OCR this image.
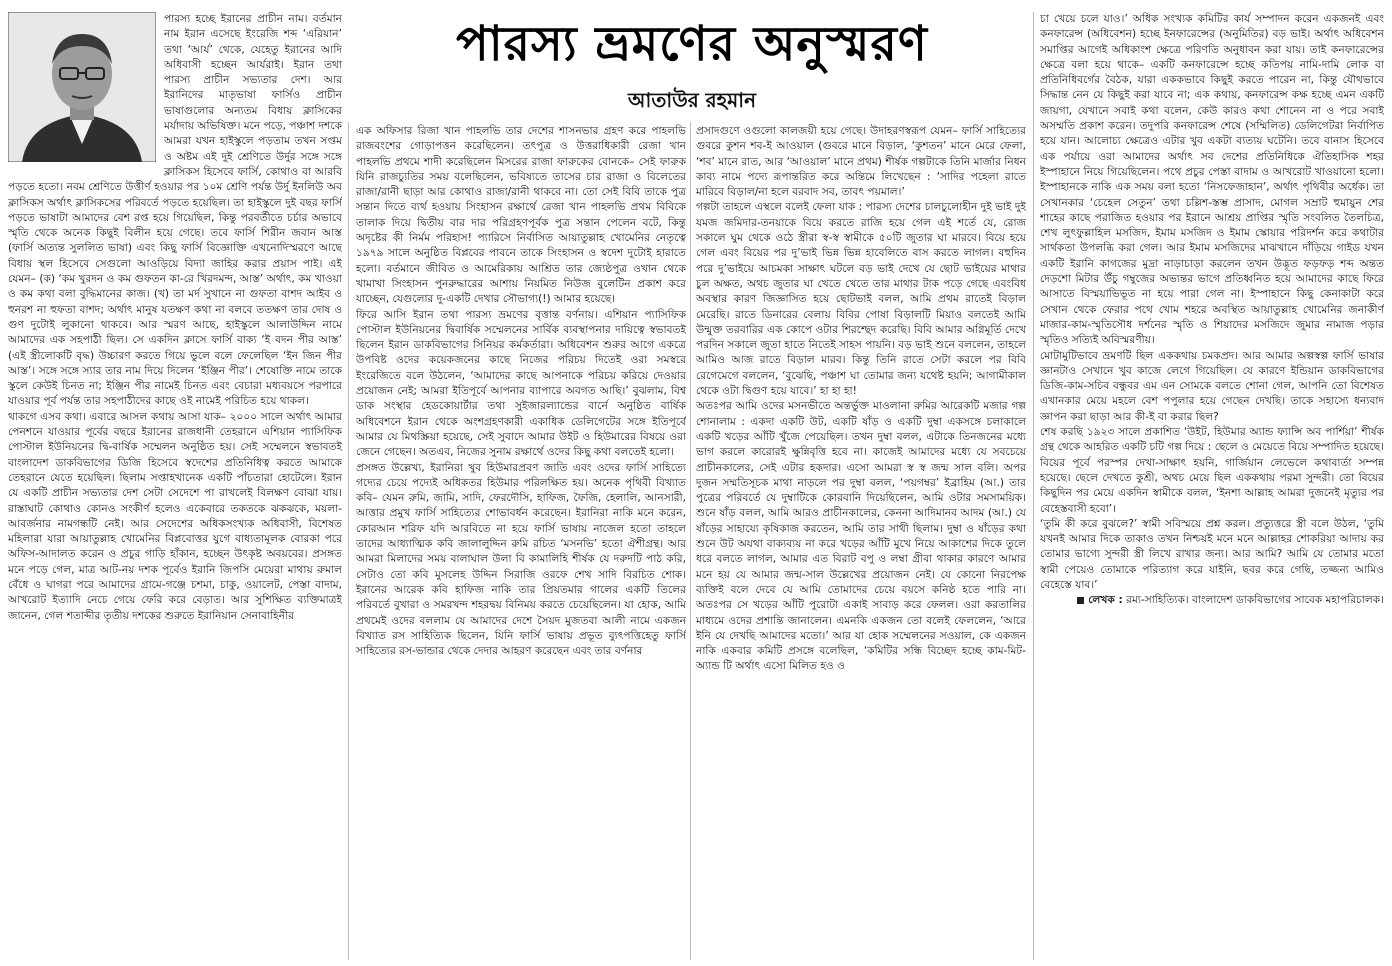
পারস্য ভ্রমণের অনুস্মরণ
আতাউর রহমান

পারস্য হচ্ছে ইরানের প্রাচীন নাম। বর্তমান নাম ইরান এসেছে ইংরেজি শব্দ ‘এরিয়ান’ তথা ‘আর্য’ থেকে, যেহেতু ইরানের আদি অধিবাসী হচ্ছেন আর্যরাই। ইরান তথা পারস্য প্রাচীন সভ্যতার দেশ। আর ইরানিদের মাতৃভাষা ফার্সিও প্রাচীন ভাষাগুলোর অন্যতম বিধায় ক্লাসিকের মর্যাদায় অভিষিক্ত। মনে পড়ে, পঞ্চাশ দশকে আমরা যখন হাইস্কুলে পড়তাম তখন সপ্তম ও অষ্টম এই দুই শ্রেণিতে উর্দুর সঙ্গে সঙ্গে ক্লাসিকস হিসেবে ফার্সি, কোথাও বা আরবি পড়তে হতো। নবম শ্রেণিতে উত্তীর্ণ হওয়ার পর ১০ম শ্রেণি পর্যন্ত উর্দু ইনলিউ অব ক্লাসিকস অর্থাৎ ক্লাসিকসের পরিবর্তে পড়তে হয়েছিল। তা হাইস্কুলে দুই বছর ফার্সি পড়তে ভাষাটা আমাদের বেশ রপ্ত হয়ে গিয়েছিল, কিন্তু পরবর্তীতে চর্চার অভাবে স্মৃতি থেকে অনেক কিছুই বিলীন হয়ে গেছে। তবে ফার্সি শিরীন জবান আস্ত (ফার্সি অত্যন্ত সুললিত ভাষা) এবং কিছু ফার্সি বিজ্ঞোক্তি এখনোদিস্মরণে আছে বিধায় স্থল হিসেবে সেগুলো আওড়িয়ে বিদ্যা জাহির করার প্রয়াস পাই। এই যেমন– (ক) ‘কম খুরদন ও কম গুফতন কা-রে খিরদমন্দ, আস্ত’ অর্থাৎ, কম খাওয়া ও কম কথা বলা বুদ্ধিমানের কাজ। (খ) তা মর্দ সুখানে না গুফতা বাশদ আইব ও হুনরশ না হুফতা বাশদ; অর্থাৎ মানুষ যতক্ষণ কথা না বলবে ততক্ষণ তার দোষ ও গুণ দুটোই লুকানো থাকবে। আর স্মরণ আছে, হাইস্কুলে আলাউদ্দিন নামে আমাদের এক সহপাঠী ছিল। সে একদিন ক্লাসে ফার্সি বাক্য ‘ই বদন পীর আস্ত’ (এই স্ত্রীলোকটি বৃদ্ধ) উচ্চারণ করতে গিয়ে ভুলে বলে ফেলেছিল ‘ইন জিন পীর আস্ত’। সঙ্গে সঙ্গে স্যার তার নাম দিয়ে দিলেন ‘ইঞ্জিন পীর’। শেষোক্তি নামে তাকে স্কুলে কেউই চিনত না; ইঞ্জিন পীর নামেই চিনত এবং বেচারা মধ্যবয়সে পরপারে যাওয়ার পূর্ব পর্যন্ত তার সহপাঠীদের কাছে ওই নামেই পরিচিত হয়ে থাকল।

থাকগে এসব কথা। এবারে আসল কথায় আসা যাক– ২০০০ সালে অর্থাৎ আমার পেনশনে যাওয়ার পূর্বের বছরে ইরানের রাজধানী তেহরানে এশিয়ান প্যাসিফিক পোস্টাল ইউনিয়নের দ্বি-বার্ষিক সম্মেলন অনুষ্ঠিত হয়। সেই সম্মেলনে স্বভাবতই বাংলাদেশ ডাকবিভাগের ডিজি হিসেবে স্বদেশের প্রতিনিধিত্ব করতে আমাকে তেহরানে যেতে হয়েছিল। ছিলাম সপ্তাহখানেক একটি পাঁচতারা হোটেলে। ইরান যে একটি প্রাচীন সভ্যতার দেশ সেটা সেদেশে পা রাখলেই বিলক্ষণ বোঝা যায়। রাস্তাঘাট কোথাও কোনও সংকীর্ণ হলেও একেবারে তকতকে ঝকঝকে, ময়লা-আবর্জনার নামগন্ধটি নেই। আর সেদেশের অধিকসংখ্যক অধিবাসী, বিশেষত মহিলারা যারা আয়াতুল্লাহ খোমেনির বিপ্লবোত্তর যুগে বাধ্যতামূলক বোরকা পরে অফিস-আদালত করেন ও প্রচুর গাড়ি হাঁকান, হচ্ছেন উৎকৃষ্ট অবয়বের। প্রসঙ্গত মনে পড়ে গেল, মাত্র আট-নয় দশক পূর্বেও ইরানি জিপসি মেয়েরা মাথায় রুমাল বেঁধে ও ঘাগরা পরে আমাদের গ্রামে-গঞ্জে চশমা, চাকু, ওয়ালেট, পেস্তা বাদাম, আখরোট ইত্যাদি নেচে গেয়ে ফেরি করে বেড়াত। আর সুশিক্ষিত ব্যক্তিমাত্রই জানেন, গেল শতাব্দীর তৃতীয় দশকের শুরুতে ইরানিয়ান সেনাবাহিনীর

এক অফিসার রিজা খান পাহলভি তার দেশের শাসনভার গ্রহণ করে পাহলভি রাজবংশের গোড়াপত্তন করেছিলেন। তৎপুত্র ও উত্তরাধিকারী রেজা খান পাহলভি প্রথমে শাদী করেছিলেন মিসরের রাজা ফারুকের বোনকে– সেই ফারুক যিনি রাজচ্যুতির সময় বলেছিলেন, ভবিষ্যতে তাসের চার রাজা ও বিলেতের রাজা/রানী ছাড়া আর কোথাও রাজা/রানী থাকবে না। তো সেই বিবি তাকে পুত্র সন্তান দিতে ব্যর্থ হওয়ায় সিংহাসন রক্ষার্থে রেজা খান পাহলভি প্রথম বিবিকে তালাক দিয়ে দ্বিতীয় বার দার পরিগ্রহণপূর্বক পুত্র সন্তান পেলেন বটে, কিন্তু অদৃষ্টের কী নির্মম পরিহাস! প্যারিসে নির্বাসিত আয়াতুল্লাহ খোমেনির নেতৃত্বে ১৯৭৯ সালে অনুষ্ঠিত বিপ্লবের পাবনে তাকে সিংহাসন ও স্বদেশ দুটোই হারাতে হলো। বর্তমানে জীবিত ও আমেরিকায় আশ্রিত তার জ্যেষ্ঠপুত্র ওখান থেকে খামাখা সিংহাসন পুনরুদ্ধারের আশায় নিয়মিত নিউজ বুলেটিন প্রকাশ করে যাচ্ছেন, যেগুলোর দু-একটি দেখার সৌভাগ্য(!) আমার হয়েছে।

ফিরে আসি ইরান তথা পারস্য ভ্রমণের বৃত্তান্ত বর্ণনায়। এশিয়ান প্যাসিফিক পোস্টাল ইউনিয়নের দ্বিবার্ষিক সম্মেলনের সার্বিক ব্যবস্থাপনার দায়িত্বে স্বভাবতই ছিলেন ইরান ডাকবিভাগের সিনিয়র কর্মকর্তারা। অধিবেশন শুরুর আগে একত্রে উপবিষ্ট ওদের কয়েকজনের কাছে নিজের পরিচয় দিতেই ওরা সমস্বরে ইংরেজিতে বলে উঠলেন, ‘আমাদের কাছে আপনাকে পরিচয় করিয়ে দেওয়ার প্রয়োজন নেই; আমরা ইতিপূর্বে আপনার ব্যাপারে অবগত আছি।’ বুঝলাম, বিশ্ব ডাক সংস্থার হেডকোয়ার্টার তথা সুইজারল্যান্ডের বার্নে অনুষ্ঠিত বার্ষিক অধিবেশনে ইরান থেকে অংশগ্রহণকারী একাধিক ডেলিগেটের সঙ্গে ইতিপূর্বে আমার যে মিথস্ক্রিয়া হয়েছে, সেই সুবাদে আমার উইট ও হিউমারের বিষয়ে ওরা জেনে গেছেন। অতএব, নিজের সুনাম রক্ষার্থে ওদের কিছু কথা বলতেই হলো।

প্রসঙ্গত উল্লেখ্য, ইরানিরা খুব হিউমারপ্রবণ জাতি এবং ওদের ফার্সি সাহিত্যে গদ্যের চেয়ে পদ্যেই অধিকতর হিউমার পরিলক্ষিত হয়। অনেক পৃথিবী বিখ্যাত কবি– যেমন রুমি, জামি, সাদি, ফেরদৌসি, হাফিজ, ফৈজি, হেলালি, আনসারী, আত্তার প্রমুখ ফার্সি সাহিত্যের শোভাবর্ধন করেছেন। ইরানিরা নাকি মনে করেন, কোরআন শরিফ যদি আরবিতে না হয়ে ফার্সি ভাষায় নাজেল হতো তাহলে তাদের আধ্যাত্মিক কবি জালালুদ্দিন রুমি রচিত ‘মসনভি’ হতো ঐশীগ্রন্থ। আর আমরা মিলাদের সময় বালাঘাল উলা বি কামালিহি শীর্ষক যে দরুদটি পাঠ করি, সেটাও তো কবি মুসলেহ উদ্দিন সিরাজি ওরফে শেখ সাদি বিরচিত শোক। ইরানের আরেক কবি হাফিজ নাকি তার প্রিয়তমার গালের একটি তিলের পরিবর্তে বুখারা ও সমরখন্দ শহরদ্বয় বিনিময় করতে চেয়েছিলেন। যা হোক, আমি প্রথমেই ওদের বললাম যে আমাদের দেশে সৈয়দ মুজতবা আলী নামে একজন বিখ্যাত রস সাহিত্যিক ছিলেন, যিনি ফার্সি ভাষায় প্রভূত ব্যুৎপত্তিহেতু ফার্সি সাহিত্যের রস-ভান্ডার থেকে দেদার আহরণ করেছেন এবং তার বর্ণনার

প্রসাদগুণে ওগুলো কালজয়ী হয়ে গেছে। উদাহরণস্বরূপ যেমন– ফার্সি সাহিত্যের গুবরে কুশন শব-ই আওয়াল (গুবরে মানে বিড়াল, ‘কুশতন’ মানে মেরে ফেলা, ‘শব’ মানে রাত, আর ‘আওয়াল’ মানে প্রথম) শীর্ষক গল্পটাকে তিনি মার্জার নিধন কাব্য নামে পদ্যে রূপান্তরিত করে অন্তিমে লিখেছেন : ‘সাদির পহেলা রাতে মারিবে বিড়াল/না হলে বরবাদ সব, তাবৎ পয়মাল।’

গল্পটা তাহলে এস্থলে বলেই ফেলা যাক : পারস্য দেশের চালচুলোহীন দুই ভাই দুই যমজ জমিদার-তনয়াকে বিয়ে করতে রাজি হয়ে গেল এই শর্তে যে, রোজ সকালে ঘুম থেকে ওঠে স্ত্রীরা স্ব-স্ব স্বামীকে ৫০টি জুতার ঘা মারবে। বিয়ে হয়ে গেল এবং বিয়ের পর দু’ভাই ভিন্ন ভিন্ন হাবেলিতে বাস করতে লাগল। বহুদিন পরে দু’ভাইয়ে আচমকা সাক্ষাৎ ঘটলে বড় ভাই দেখে যে ছোট ভাইয়ের মাথার চুল অক্ষত, অথচ জুতার ঘা খেতে খেতে তার মাথার টাক পড়ে গেছে এবংবিধ অবস্থার কারণ জিজ্ঞাসিত হয়ে ছোটভাই বলল, আমি প্রথম রাতেই বিড়াল মেরেছি। রাতে ডিনারের বেলায় বিবির পোষা বিড়ালটি মিয়াও বলতেই আমি উন্মুক্ত তরবারির এক কোপে ওটার শিরশ্ছেদ করেছি। বিবি আমার অগ্নিমূর্তি দেখে পরদিন সকালে জুতা হাতে নিতেই সাহস পায়নি। বড় ভাই শুনে বললেন, তাহলে আমিও আজ রাতে বিড়াল মারব। কিন্তু তিনি রাতে সেটা করলে পর বিবি রেগেমেগে বললেন, ‘বুঝেছি, পঞ্চাশ ঘা তোমার জন্য যথেষ্ট হয়নি; আগামীকাল থেকে ওটা দ্বিগুণ হয়ে যাবে।’ হা হা হা!

অতঃপর আমি ওদের মসনভীতে অন্তর্ভুক্ত মাওলানা রুমির আরেকটি মজার গল্প শোনালাম : একদা একটি উট, একটি ষাঁড় ও একটি দুম্বা একসঙ্গে চলাকালে একটি খড়ের আঁটি খুঁজে পেয়েছিল। তখন দুম্বা বলল, এটাকে তিনজনের মধ্যে ভাগ করলে কারোরই ক্ষুন্নিবৃত্তি হবে না। কাজেই আমাদের মধ্যে যে সবচেয়ে প্রাচীনকালের, সেই এটার হকদার। এসো আমরা স্ব স্ব জন্ম সাল বলি। অপর দুজন সম্মতিসূচক মাথা নাড়লে পর দুম্বা বলল, ‘পয়গম্বর’ ইব্রাহিম (আ.) তার পুত্রের পরিবর্তে যে দুম্বাটিকে কোরবানি দিয়েছিলেন, আমি ওটার সমসাময়িক। শুনে ষাঁড় বলল, আমি আরও প্রাচীনকালের, কেননা আদিমানব আদম (আ.) যে ষাঁড়ের সাহায্যে কৃষিকাজ করতেন, আমি তার সাথী ছিলাম। দুম্বা ও ষাঁড়ের কথা শুনে উট অযথা বাক্যব্যয় না করে খড়ের আঁটি মুখে নিয়ে আকাশের দিকে তুলে ধরে বলতে লাগল, আমার এত বিরাট বপু ও লম্বা গ্রীবা থাকার কারণে আমার মনে হয় যে আমার জন্ম-সাল উল্লেখের প্রয়োজন নেই। যে কোনো নিরপেক্ষ ব্যক্তিই বলে দেবে যে আমি তোমাদের চেয়ে বয়সে কনিষ্ঠ হতে পারি না। অতঃপর সে খড়ের আঁটি পুরোটা একাই সাবাড় করে ফেলল। ওরা করতালির মাধ্যমে ওদের প্রশান্তি জানালেন। এমনকি একজন তো বলেই ফেললেন, ‘আরে ইনি যে দেখছি আমাদের মতো।’ আর যা হোক সম্মেলনের সওয়াল, কে একজন নাকি একবার কমিটি প্রসঙ্গে বলেছিল, ‘কমিটির সন্ধি বিচ্ছেদ হচ্ছে কাম-মিট-অ্যান্ড টি অর্থাৎ এসো মিলিত হও ও

চা খেয়ে চলে যাও।’ অধিক সংখ্যক কমিটির কার্য সম্পাদন করেন একজনই এবং কনফারেন্স (অধিবেশন) হচ্ছে ইনফারেন্সের (অনুমিতির) বড় ভাই। অর্থাৎ অধিবেশন সমাপ্তির আগেই অধিকাংশ ক্ষেত্রে পরিণতি অনুধাবন করা যায়। তাই কনফারেন্সের ক্ষেত্রে বলা হয়ে থাকে– একটি কনফারেন্সে হচ্ছে কতিপয় নামি-দামি লোক বা প্রতিনিধিবর্গের বৈঠক, যারা এককভাবে কিছুই করতে পারেন না, কিন্তু যৌথভাবে সিদ্ধান্ত নেন যে কিছুই করা যাবে না; এক কথায়, কনফারেন্স কক্ষ হচ্ছে এমন একটি জায়গা, যেখানে সবাই কথা বলেন, কেউ কারও কথা শোনেন না ও পরে সবাই অসম্মতি প্রকাশ করেন। তদুপরি কনফারেন্স শেষে (সম্মিলিত) ডেলিগেটরা নির্বাপিত হয়ে যান। আলোচ্য ক্ষেত্রেও এটার খুব একটা ব্যত্যয় ঘটেনি। তবে বানাস হিসেবে এক পর্যায়ে ওরা আমাদের অর্থাৎ সব দেশের প্রতিনিধিকে ঐতিহাসিক শহর ইস্পাহানে নিয়ে গিয়েছিলেন। পথে প্রচুর পেস্তা বাদাম ও আখরোট খাওয়ানো হলো। ইস্পাহানকে নাকি এক সময় বলা হতো ‘নিসফেজাহান’, অর্থাৎ পৃথিবীর অর্ধেক। তা সেখানকার ‘চেহেল সেতুন’ তথা চল্লিশ-স্তম্ভ প্রাসাদ, মোগল সম্রাট হুমায়ুন শের শাহের কাছে পরাজিত হওয়ার পর ইরানে আশ্রয় প্রাপ্তির স্মৃতি সংবলিত তৈলচিত্র, শেখ লুৎফুল্লাহিল মসজিদ, ইমাম মসজিদ ও ইমাম স্কোয়ার পরিদর্শন করে কথাটার সার্থকতা উপলব্ধি করা গেল। আর ইমাম মসজিদের মাঝখানে দাঁড়িয়ে গাইড যখন একটি ইরানি কাগজের মুদ্রা নাড়াচাড়া করলেন তখন উদ্ভূত ফড়ফড় শব্দ অন্তত দেড়শো মিটার উঁচু গম্বুজের অভ্যন্তর ভাগে প্রতিধ্বনিত হয়ে আমাদের কাছে ফিরে আসাতে বিস্ময়াভিভূত না হয়ে পারা গেল না। ইস্পাহানে কিছু কেনাকাটা করে সেখান থেকে ফেরার পথে খোম শহরে অবস্থিত আয়াতুল্লাহ খোমেনির জনাকীর্ণ মাজার-কাম-স্মৃতিসৌধ দর্শনের স্মৃতি ও শিয়াদের মসজিদে জুমার নামাজ পড়ার স্মৃতিও সত্যিই অবিস্মরণীয়।

মোটামুটিভাবে ভ্রমণটি ছিল এককথায় চমকপ্রদ। আর আমার অল্পস্বল্প ফার্সি ভাষার জ্ঞানটাও সেখানে খুব কাজে লেগে গিয়েছিল। যে কারণে ইন্ডিয়ান ডাকবিভাগের ডিজি-কাম-সচিব বন্ধুবর এম এন সোমকে বলতে শোনা গেল, আপনি তো বিশেষত এখানকার মেয়ে মহলে বেশ পপুলার হয়ে গেছেন দেখছি। তাকে সহাস্যে ধন্যবাদ জ্ঞাপন করা ছাড়া আর কী-ই বা করার ছিল?

শেষ করছি ১৯২৩ সালে প্রকাশিত ‘উইট, হিউমার অ্যান্ড ফ্যান্সি অব পার্শিয়া’ শীর্ষক গ্রন্থ থেকে আহরিত একটি চটি গল্প দিয়ে : ছেলে ও মেয়েতে বিয়ে সম্পাদিত হয়েছে। বিয়ের পূর্বে পরস্পর দেখা-সাক্ষাৎ হয়নি, গার্জিয়ান লেভেলে কথাবার্তা সম্পন্ন হয়েছে। ছেলে দেখতে কুশ্রী, অথচ মেয়ে ছিল এককথায় পরমা সুন্দরী। তো বিয়ের কিছুদিন পর মেয়ে একদিন স্বামীকে বলল, ‘ইনশা আল্লাহ আমরা দুজনেই মৃত্যুর পর বেহেস্তবাসী হবো’।

‘তুমি কী করে বুঝলে?’ স্বামী সবিস্ময়ে প্রশ্ন করল। প্রত্যুত্তরে স্ত্রী বলে উঠল, ‘তুমি যখনই আমার দিকে তাকাও তখন নিশ্চয়ই মনে মনে আল্লাহর শোকরিয়া আদায় কর তোমার ভাগ্যে সুন্দরী স্ত্রী লিখে রাখার জন্য। আর আমি? আমি যে তোমার মতো স্বামী পেয়েও তোমাকে পরিত্যাগ করে যাইনি, ছবর করে গেছি, তজ্জন্য আমিও বেহেস্তে যাব।’

লেখক : রম্য-সাহিত্যিক। বাংলাদেশ ডাকবিভাগের সাবেক মহাপরিচালক।
